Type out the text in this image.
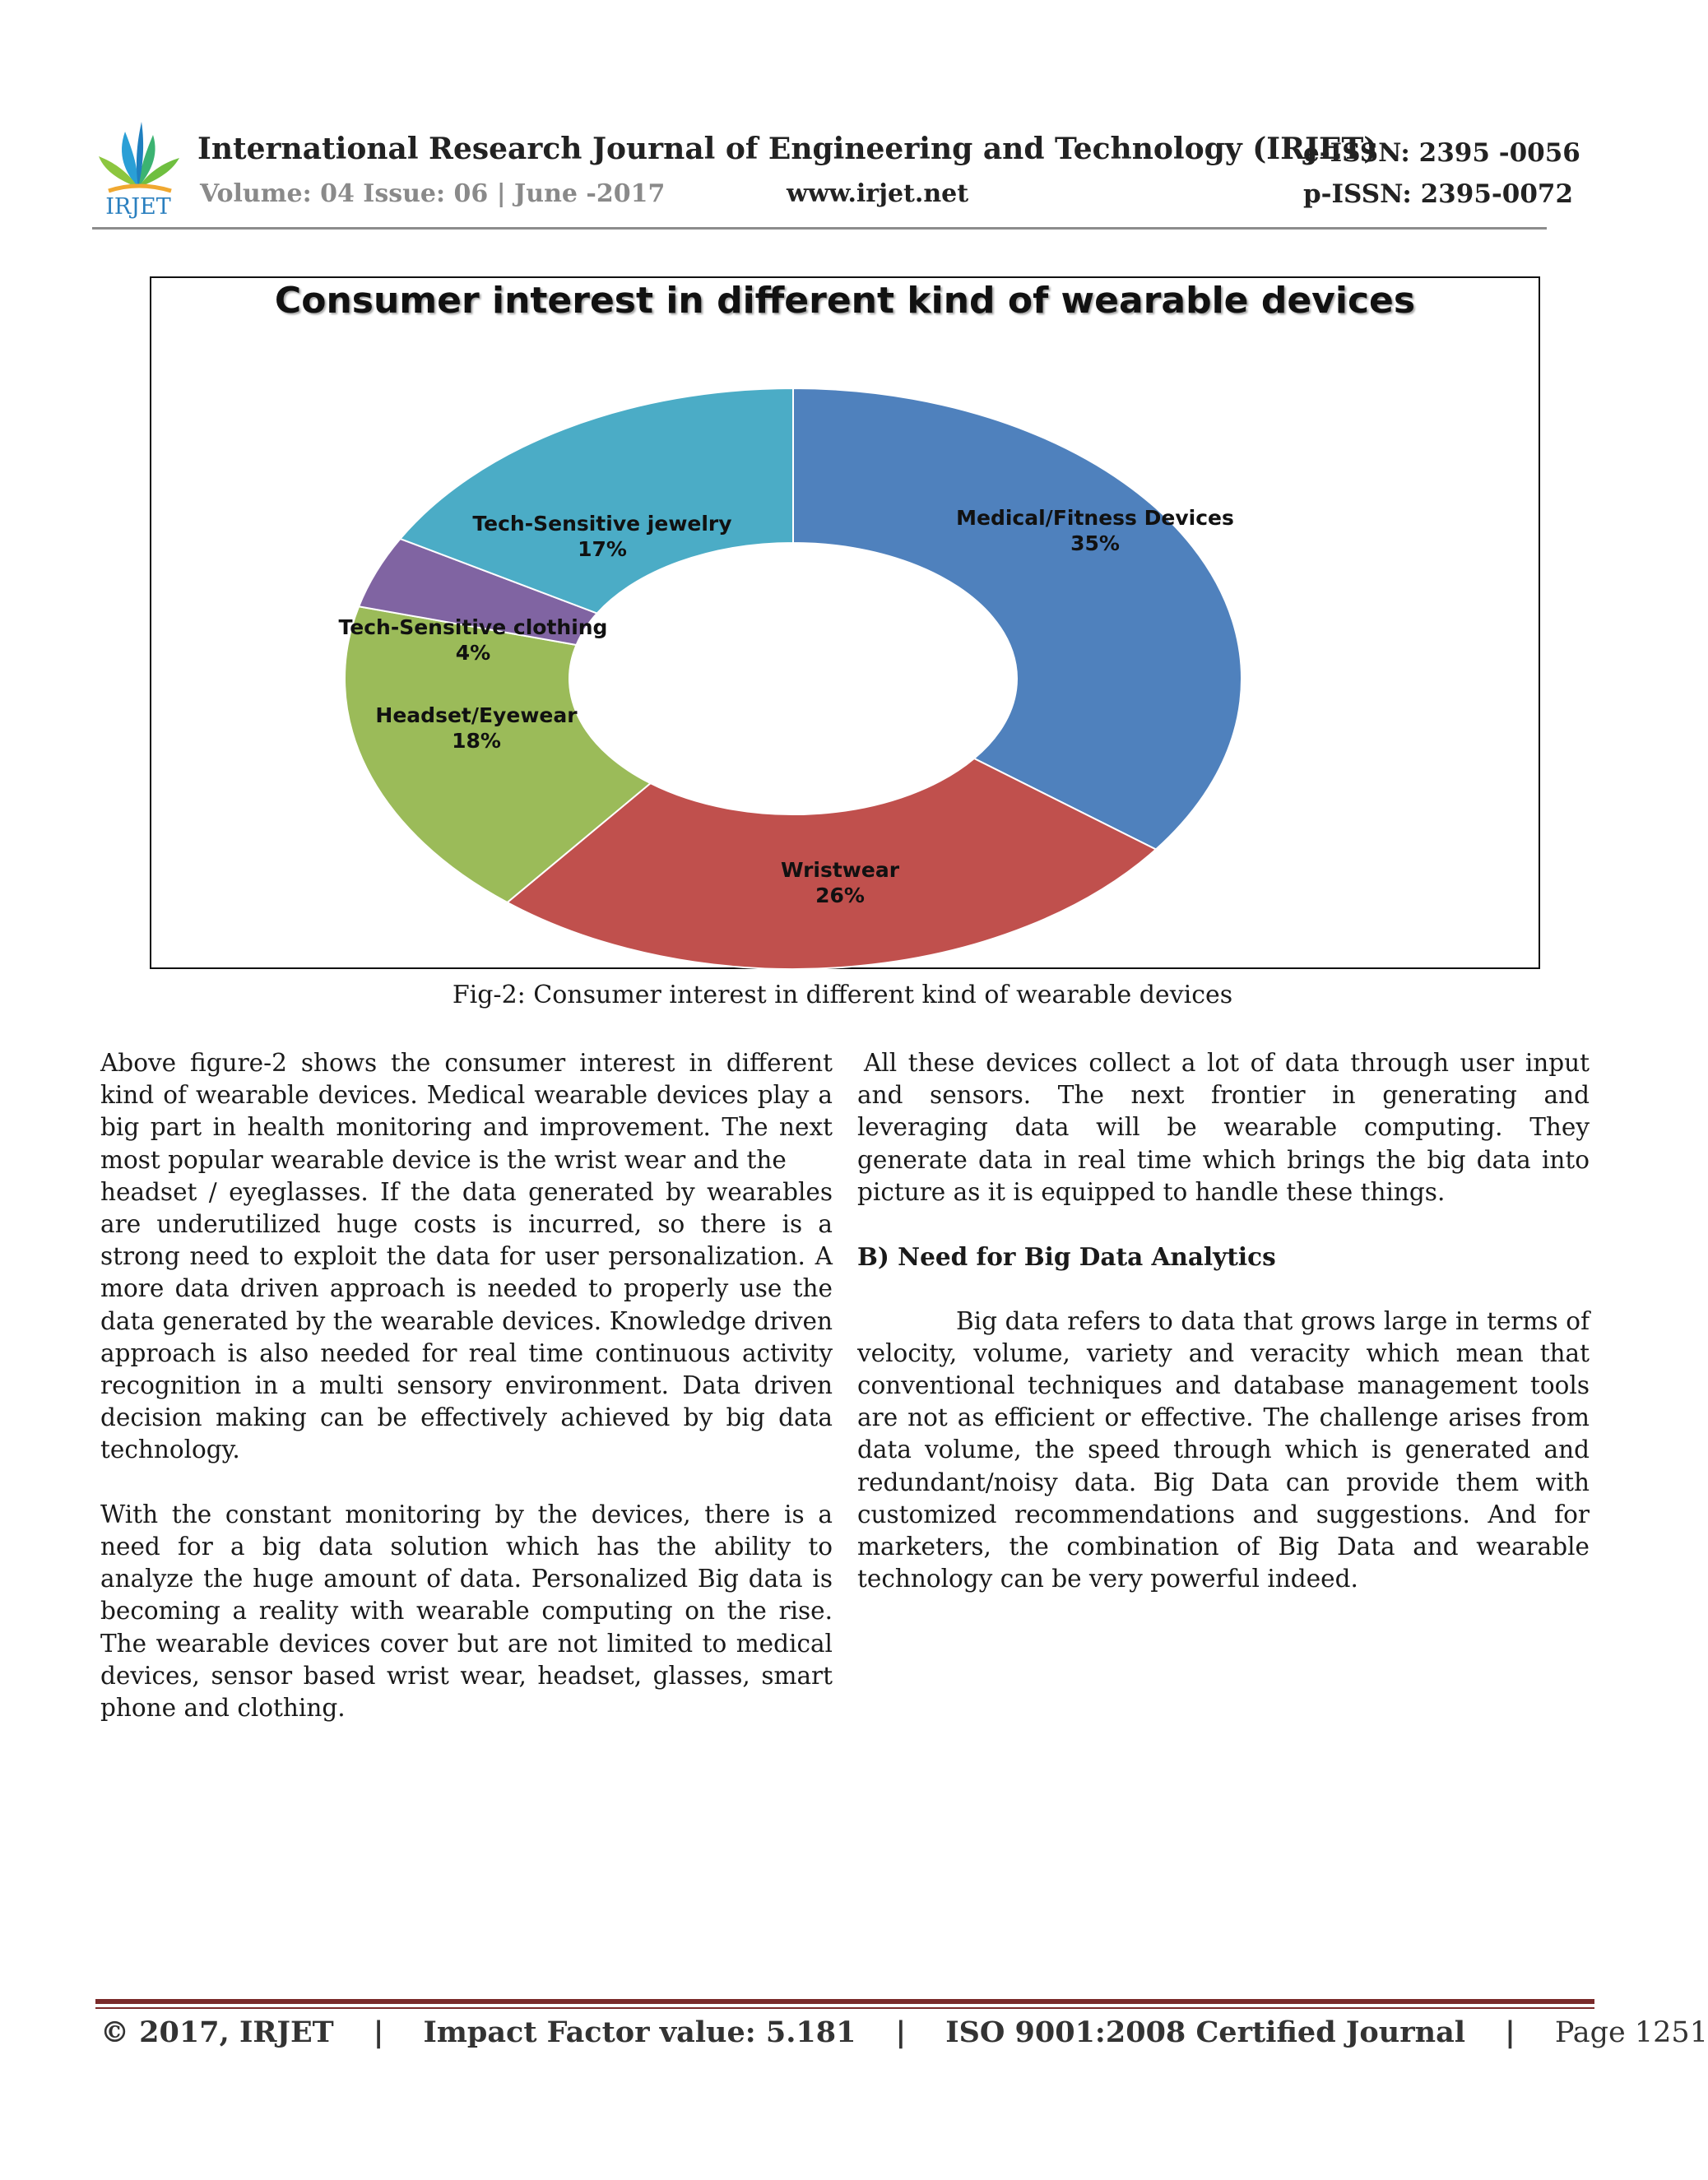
IRJET
International Research Journal of Engineering and Technology (IRJET)
e-ISSN: 2395 -0056
Volume: 04 Issue: 06 | June -2017	www.irjet.net	p-ISSN: 2395-0072
Medical/Fitness Devices
35%
Wristwear
26%
Headset/Eyewear
18%
Tech-Sensitive clothing
4%
Tech-Sensitive jewelry
17%
Consumer interest in different kind of wearable devices
Fig-2: Consumer interest in different kind of wearable devices

Above figure-2 shows the consumer interest in different kind of wearable devices. Medical wearable devices play a big part in health monitoring and improvement. The next most popular wearable device is the wrist wear and the

headset / eyeglasses. If the data generated by wearables are underutilized huge costs is incurred, so there is a strong need to exploit the data for user personalization. A more data driven approach is needed to properly use the data generated by the wearable devices. Knowledge driven approach is also needed for real time continuous activity recognition in a multi sensory environment. Data driven decision making can be effectively achieved by big data technology.

With the constant monitoring by the devices, there is a need for a big data solution which has the ability to analyze the huge amount of data. Personalized Big data is becoming a reality with wearable computing on the rise. The wearable devices cover but are not limited to medical devices, sensor based wrist wear, headset, glasses, smart phone and clothing.

All these devices collect a lot of data through user input and sensors. The next frontier in generating and leveraging data will be wearable computing. They generate data in real time which brings the big data into picture as it is equipped to handle these things.

B) Need for Big Data Analytics

Big data refers to data that grows large in terms of velocity, volume, variety and veracity which mean that conventional techniques and database management tools are not as efficient or effective. The challenge arises from data volume, the speed through which is generated and redundant/noisy data. Big Data can provide them with customized recommendations and suggestions. And for marketers, the combination of Big Data and wearable technology can be very powerful indeed.

© 2017, IRJET | Impact Factor value: 5.181 | ISO 9001:2008 Certified Journal | Page 1251
